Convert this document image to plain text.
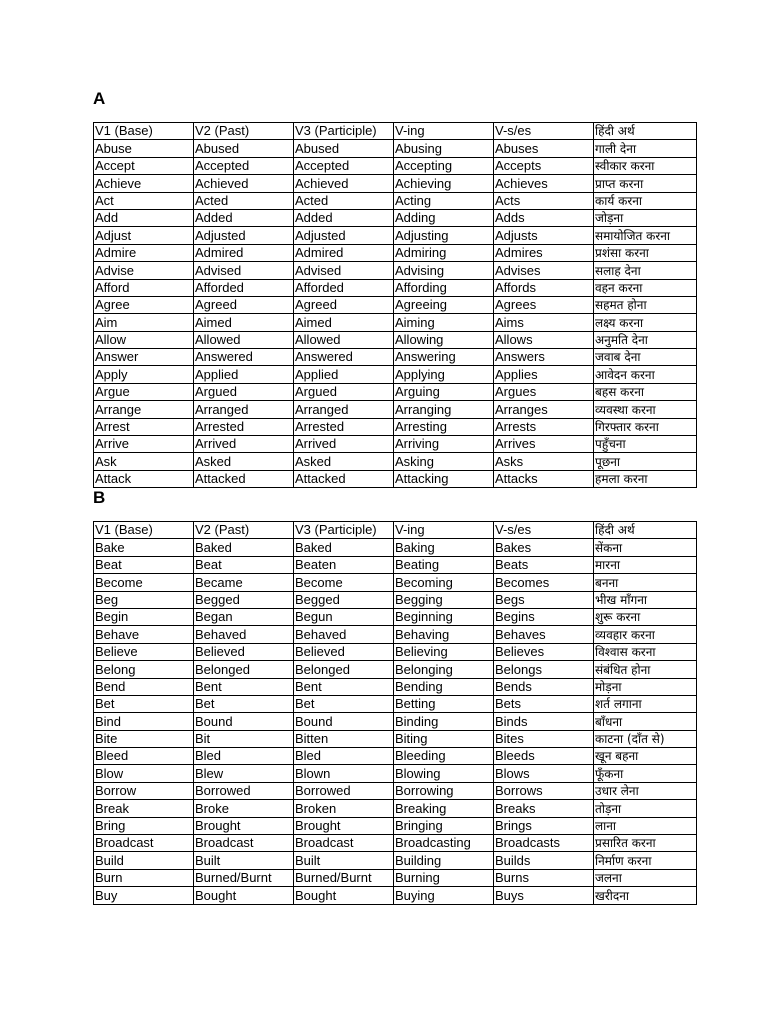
A
V1 (Base)	V2 (Past)	V3 (Participle)	V-ing	V-s/es	हिंदी अर्थ
Abuse	Abused	Abused	Abusing	Abuses	गाली देना
Accept	Accepted	Accepted	Accepting	Accepts	स्वीकार करना
Achieve	Achieved	Achieved	Achieving	Achieves	प्राप्त करना
Act	Acted	Acted	Acting	Acts	कार्य करना
Add	Added	Added	Adding	Adds	जोड़ना
Adjust	Adjusted	Adjusted	Adjusting	Adjusts	समायोजित करना
Admire	Admired	Admired	Admiring	Admires	प्रशंसा करना
Advise	Advised	Advised	Advising	Advises	सलाह देना
Afford	Afforded	Afforded	Affording	Affords	वहन करना
Agree	Agreed	Agreed	Agreeing	Agrees	सहमत होना
Aim	Aimed	Aimed	Aiming	Aims	लक्ष्य करना
Allow	Allowed	Allowed	Allowing	Allows	अनुमति देना
Answer	Answered	Answered	Answering	Answers	जवाब देना
Apply	Applied	Applied	Applying	Applies	आवेदन करना
Argue	Argued	Argued	Arguing	Argues	बहस करना
Arrange	Arranged	Arranged	Arranging	Arranges	व्यवस्था करना
Arrest	Arrested	Arrested	Arresting	Arrests	गिरफ्तार करना
Arrive	Arrived	Arrived	Arriving	Arrives	पहुँचना
Ask	Asked	Asked	Asking	Asks	पूछना
Attack	Attacked	Attacked	Attacking	Attacks	हमला करना
B
V1 (Base)	V2 (Past)	V3 (Participle)	V-ing	V-s/es	हिंदी अर्थ
Bake	Baked	Baked	Baking	Bakes	सेंकना
Beat	Beat	Beaten	Beating	Beats	मारना
Become	Became	Become	Becoming	Becomes	बनना
Beg	Begged	Begged	Begging	Begs	भीख माँगना
Begin	Began	Begun	Beginning	Begins	शुरू करना
Behave	Behaved	Behaved	Behaving	Behaves	व्यवहार करना
Believe	Believed	Believed	Believing	Believes	विश्वास करना
Belong	Belonged	Belonged	Belonging	Belongs	संबंधित होना
Bend	Bent	Bent	Bending	Bends	मोड़ना
Bet	Bet	Bet	Betting	Bets	शर्त लगाना
Bind	Bound	Bound	Binding	Binds	बाँधना
Bite	Bit	Bitten	Biting	Bites	काटना (दाँत से)
Bleed	Bled	Bled	Bleeding	Bleeds	खून बहना
Blow	Blew	Blown	Blowing	Blows	फूँकना
Borrow	Borrowed	Borrowed	Borrowing	Borrows	उधार लेना
Break	Broke	Broken	Breaking	Breaks	तोड़ना
Bring	Brought	Brought	Bringing	Brings	लाना
Broadcast	Broadcast	Broadcast	Broadcasting	Broadcasts	प्रसारित करना
Build	Built	Built	Building	Builds	निर्माण करना
Burn	Burned/Burnt	Burned/Burnt	Burning	Burns	जलना
Buy	Bought	Bought	Buying	Buys	खरीदना
